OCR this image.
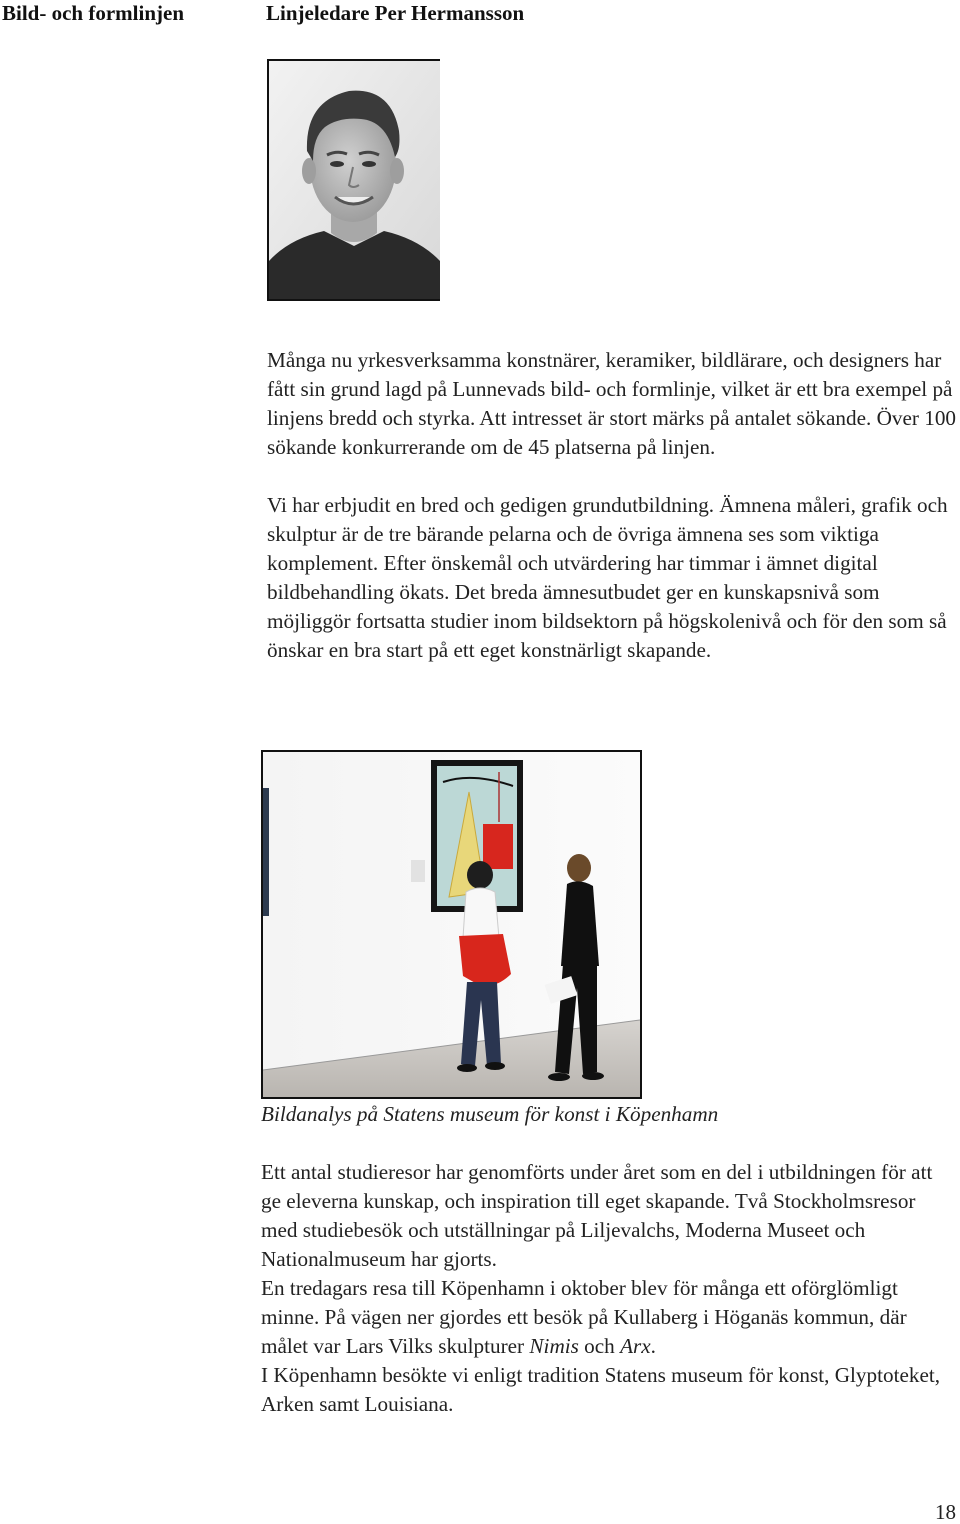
Bild- och formlinjen	Linjeledare Per Hermansson

Många nu yrkesverksamma konstnärer, keramiker, bildlärare, och designers har fått sin grund lagd på Lunnevads bild- och formlinje, vilket är ett bra exempel på linjens bredd och styrka. Att intresset är stort märks på antalet sökande. Över 100 sökande konkurrerande om de 45 platserna på linjen.

Vi har erbjudit en bred och gedigen grundutbildning. Ämnena måleri, grafik och skulptur är de tre bärande pelarna och de övriga ämnena ses som viktiga komplement. Efter önskemål och utvärdering har timmar i ämnet digital bildbehandling ökats. Det breda ämnesutbudet ger en kunskapsnivå som möjliggör fortsatta studier inom bildsektorn på högskolenivå och för den som så önskar en bra start på ett eget konstnärligt skapande.

Bildanalys på Statens museum för konst i Köpenhamn

Ett antal studieresor har genomförts under året som en del i utbildningen för att ge eleverna kunskap, och inspiration till eget skapande. Två Stockholmsresor med studiebesök och utställningar på Liljevalchs, Moderna Museet och Nationalmuseum har gjorts.

En tredagars resa till Köpenhamn i oktober blev för många ett oförglömligt minne. På vägen ner gjordes ett besök på Kullaberg i Höganäs kommun, där målet var Lars Vilks skulpturer Nimis och Arx.

I Köpenhamn besökte vi enligt tradition Statens museum för konst, Glyptoteket, Arken samt Louisiana.

18
